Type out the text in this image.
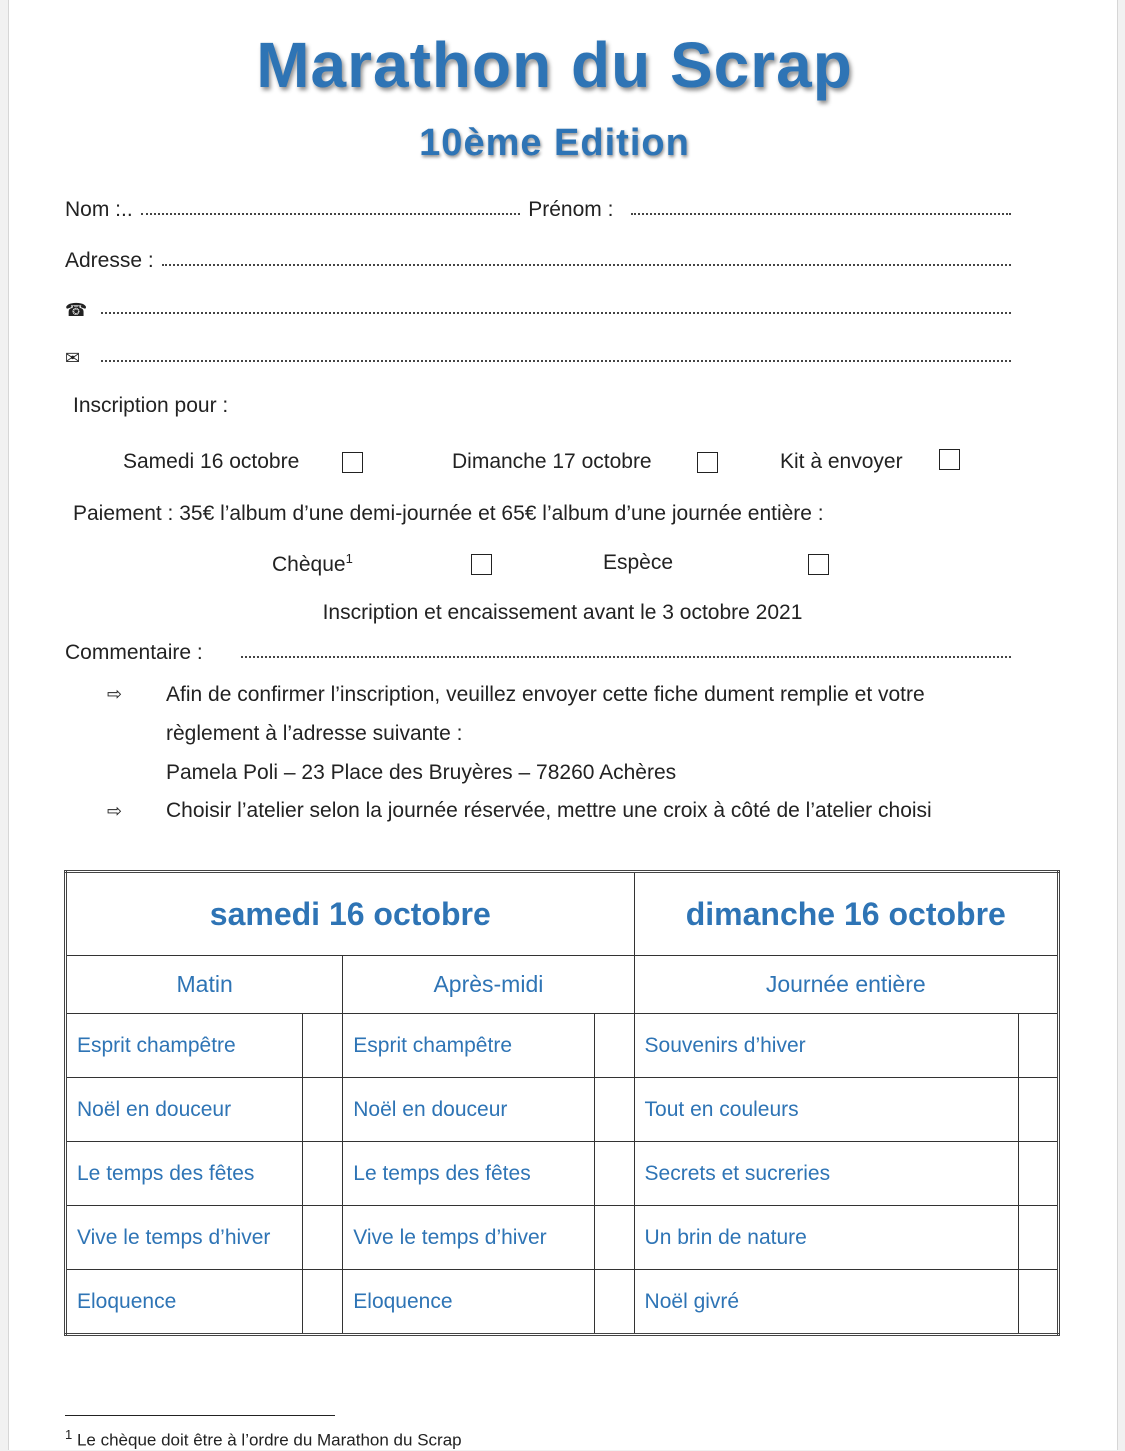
Marathon du Scrap
10ème Edition
Nom :..	Prénom :
Adresse :
☎
✉
Inscription pour :
Samedi 16 octobre	Dimanche 17 octobre	Kit à envoyer
Paiement : 35€ l’album d’une demi-journée et 65€ l’album d’une journée entière :
Chèque$^1$	Espèce
Inscription et encaissement avant le 3 octobre 2021
Commentaire :
⇨ Afin de confirmer l’inscription, veuillez envoyer cette fiche dument remplie et votre
règlement à l’adresse suivante :
Pamela Poli – 23 Place des Bruyères – 78260 Achères
⇨ Choisir l’atelier selon la journée réservée, mettre une croix à côté de l’atelier choisi
samedi 16 octobre				dimanche 16 octobre	
Matin		Après-midi		Journée entière	
Esprit champêtre		Esprit champêtre		Souvenirs d’hiver	
Noël en douceur		Noël en douceur		Tout en couleurs	
Le temps des fêtes		Le temps des fêtes		Secrets et sucreries	
Vive le temps d’hiver		Vive le temps d’hiver		Un brin de nature	
Eloquence		Eloquence		Noël givré	
$^1$ Le chèque doit être à l’ordre du Marathon du Scrap
